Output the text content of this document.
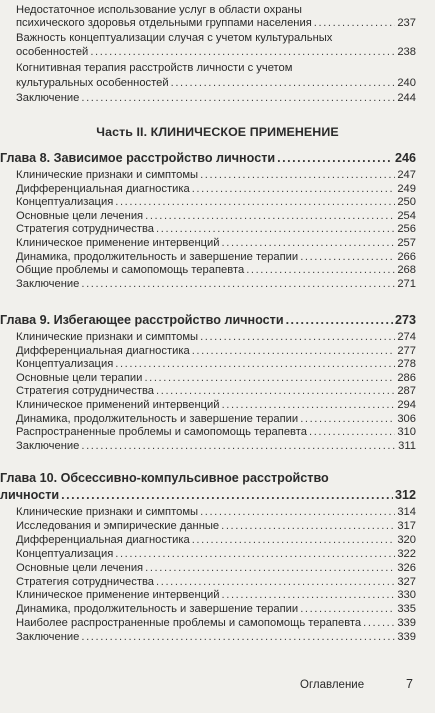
Недостаточное использование услуг в области охраны
психического здоровья отдельными группами населения .....	237
Важность концептуализации случая с учетом культуральных
особенностей .....	238
Когнитивная терапия расстройств личности с учетом
культуральных особенностей .....	240
Заключение .....	244
Часть II. КЛИНИЧЕСКОЕ ПРИМЕНЕНИЕ
Глава 8. Зависимое расстройство личности .....	246
Клинические признаки и симптомы .....	247
Дифференциальная диагностика .....	249
Концептуализация .....	250
Основные цели лечения .....	254
Стратегия сотрудничества .....	256
Клиническое применение интервенций .....	257
Динамика, продолжительность и завершение терапии .....	266
Общие проблемы и самопомощь терапевта .....	268
Заключение .....	271
Глава 9. Избегающее расстройство личности .....	273
Клинические признаки и симптомы .....	274
Дифференциальная диагностика .....	277
Концептуализация .....	278
Основные цели терапии .....	286
Стратегия сотрудничества .....	287
Клиническое применений интервенций .....	294
Динамика, продолжительность и завершение терапии .....	306
Распространенные проблемы и самопомощь терапевта .....	310
Заключение .....	311
Глава 10. Обсессивно-компульсивное расстройство
личности .....	312
Клинические признаки и симптомы .....	314
Исследования и эмпирические данные .....	317
Дифференциальная диагностика .....	320
Концептуализация .....	322
Основные цели лечения .....	326
Стратегия сотрудничества .....	327
Клиническое применение интервенций .....	330
Динамика, продолжительность и завершение терапии .....	335
Наиболее распространенные проблемы и самопомощь терапевта .....	339
Заключение .....	339
Оглавление	7
